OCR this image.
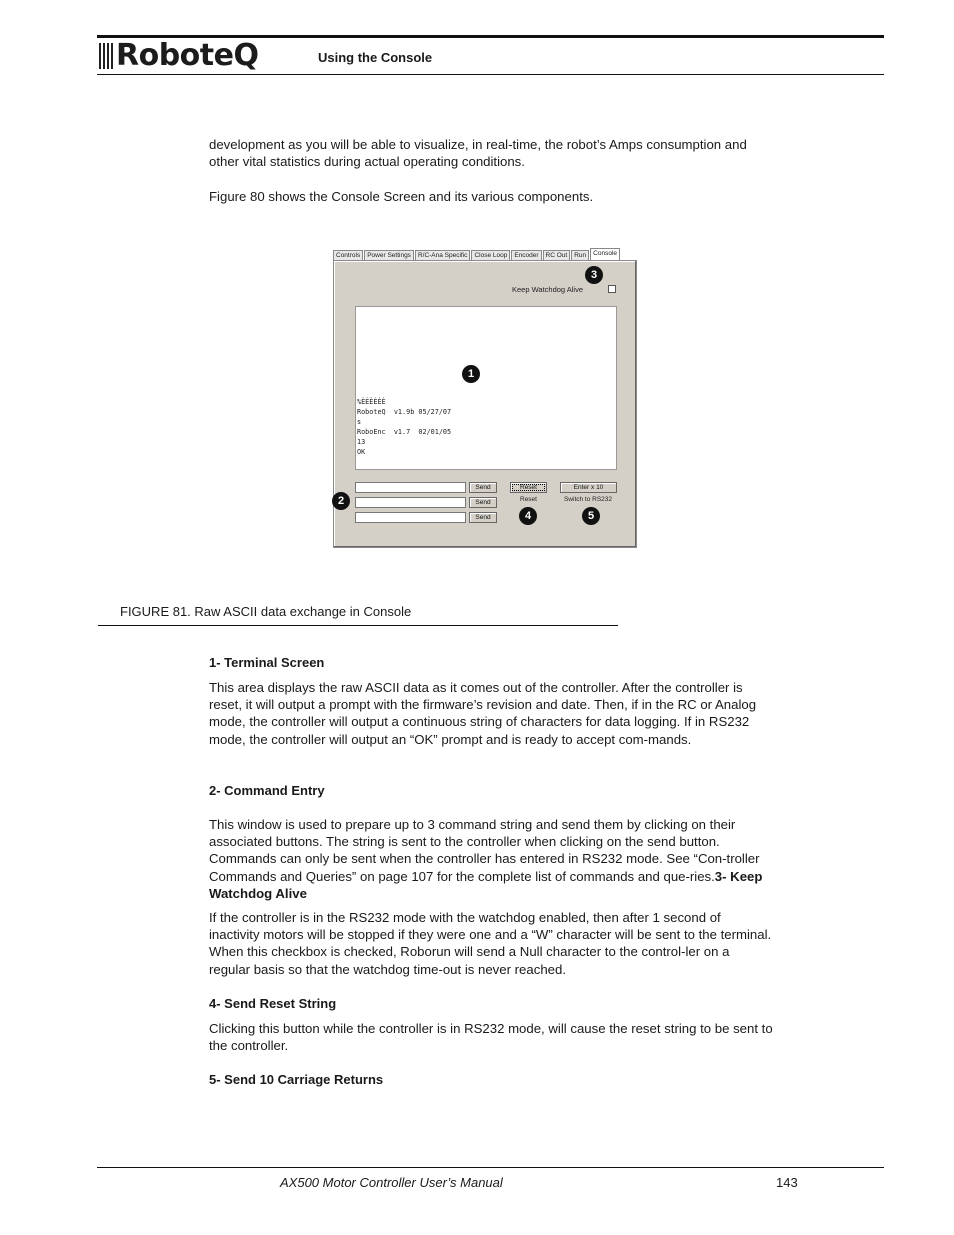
RoboteQ	Using the Console

development as you will be able to visualize, in real-time, the robot’s Amps consumption and other vital statistics during actual operating conditions.

Figure 80 shows the Console Screen and its various components.

Controls	Power Settings	R/C-Ana Specific	Close Loop	Encoder	RC Out	Run	Console
Keep Watchdog Alive
%ÈÈÈÈÈÈ
RoboteQ  v1.9b 05/27/07
s
RoboEnc  v1.7  02/01/05
13
OK
Send
Send
Send
Reset
Reset
Enter x 10
Switch to RS232
1
2
3
4	5
FIGURE 81. Raw ASCII data exchange in Console

1- Terminal Screen

This area displays the raw ASCII data as it comes out of the controller. After the controller is reset, it will output a prompt with the firmware’s revision and date. Then, if in the RC or Analog mode, the controller will output a continuous string of characters for data logging. If in RS232 mode, the controller will output an “OK” prompt and is ready to accept com-mands.

2- Command Entry

This window is used to prepare up to 3 command string and send them by clicking on their associated buttons. The string is sent to the controller when clicking on the send button. Commands can only be sent when the controller has entered in RS232 mode. See “Con-troller Commands and Queries” on page 107 for the complete list of commands and que-ries.3- Keep Watchdog Alive

If the controller is in the RS232 mode with the watchdog enabled, then after 1 second of inactivity motors will be stopped if they were one and a “W” character will be sent to the terminal. When this checkbox is checked, Roborun will send a Null character to the control-ler on a regular basis so that the watchdog time-out is never reached.

4- Send Reset String

Clicking this button while the controller is in RS232 mode, will cause the reset string to be sent to the controller.

5- Send 10 Carriage Returns

AX500 Motor Controller User’s Manual	143
